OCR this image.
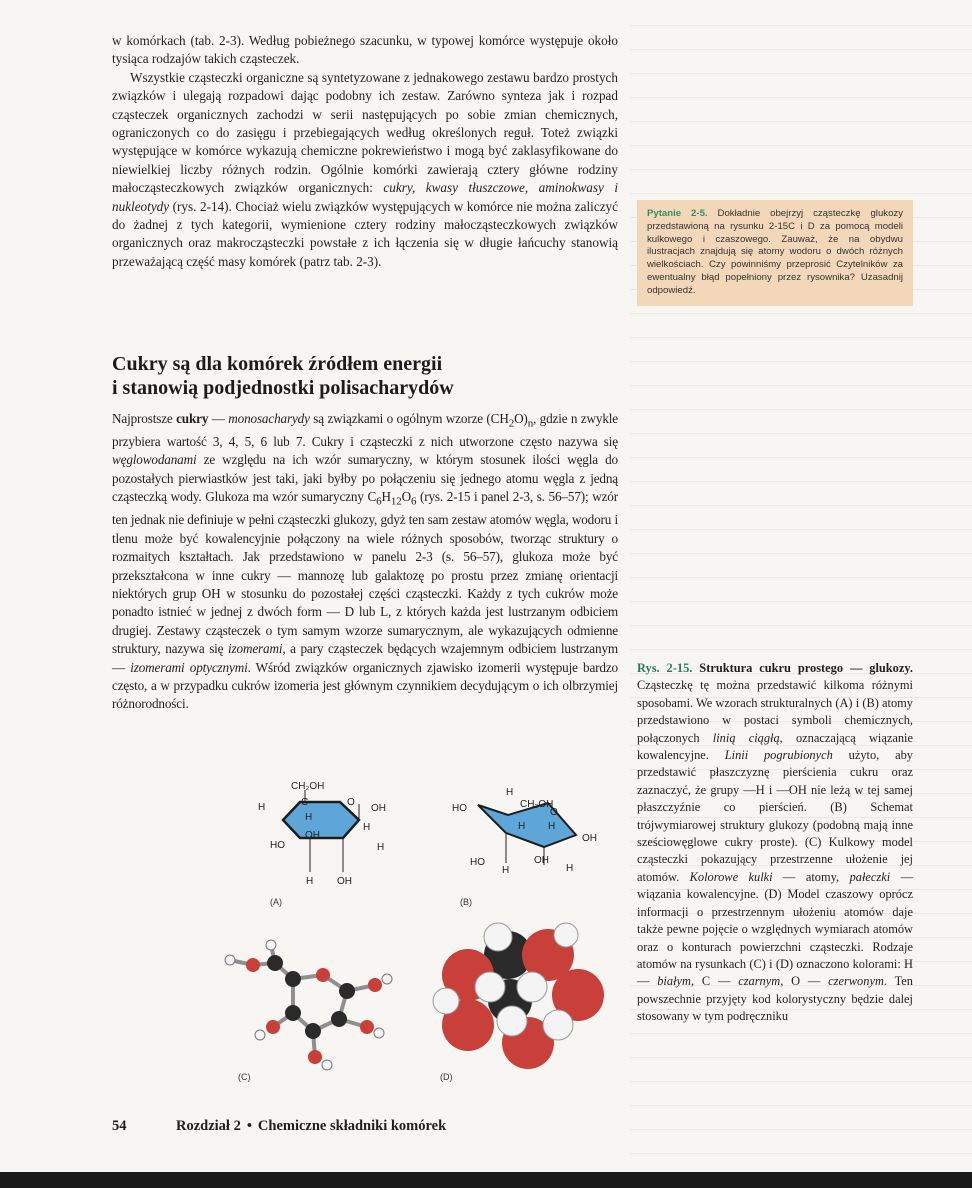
w komórkach (tab. 2-3). Według pobieżnego szacunku, w typowej komórce występuje około tysiąca rodzajów takich cząsteczek.

Wszystkie cząsteczki organiczne są syntetyzowane z jednakowego zestawu bardzo prostych związków i ulegają rozpadowi dając podobny ich zestaw. Zarówno synteza jak i rozpad cząsteczek organicznych zachodzi w serii następujących po sobie zmian chemicznych, ograniczonych co do zasięgu i przebiegających według określonych reguł. Toteż związki występujące w komórce wykazują chemiczne pokrewieństwo i mogą być zaklasyfikowane do niewielkiej liczby różnych rodzin. Ogólnie komórki zawierają cztery główne rodziny małocząsteczkowych związków organicznych: cukry, kwasy tłuszczowe, aminokwasy i nukleotydy (rys. 2-14). Chociaż wielu związków występujących w komórce nie można zaliczyć do żadnej z tych kategorii, wymienione cztery rodziny małocząsteczkowych związków organicznych oraz makrocząsteczki powstałe z ich łączenia się w długie łańcuchy stanowią przeważającą część masy komórek (patrz tab. 2-3).

Cukry są dla komórek źródłem energii
i stanowią podjednostki polisacharydów

Najprostsze cukry — monosacharydy są związkami o ogólnym wzorze $(CH_2O)_n$, gdzie n zwykle przybiera wartość 3, 4, 5, 6 lub 7. Cukry i cząsteczki z nich utworzone często nazywa się węglowodanami ze względu na ich wzór sumaryczny, w którym stosunek ilości węgla do pozostałych pierwiastków jest taki, jaki byłby po połączeniu się jednego atomu węgla z jedną cząsteczką wody. Glukoza ma wzór sumaryczny $C_6H_{12}O_6$ (rys. 2-15 i panel 2-3, s. 56–57); wzór ten jednak nie definiuje w pełni cząsteczki glukozy, gdyż ten sam zestaw atomów węgla, wodoru i tlenu może być kowalencyjnie połączony na wiele różnych sposobów, tworząc struktury o rozmaitych kształtach. Jak przedstawiono w panelu 2-3 (s. 56–57), glukoza może być przekształcona w inne cukry — mannozę lub galaktozę po prostu przez zmianę orientacji niektórych grup OH w stosunku do pozostałej części cząsteczki. Każdy z tych cukrów może ponadto istnieć w jednej z dwóch form — D lub L, z których każda jest lustrzanym odbiciem drugiej. Zestawy cząsteczek o tym samym wzorze sumarycznym, ale wykazujących odmienne struktury, nazywa się izomerami, a pary cząsteczek będących wzajemnym odbiciem lustrzanym — izomerami optycznymi. Wśród związków organicznych zjawisko izomerii występuje bardzo często, a w przypadku cukrów izomeria jest głównym czynnikiem decydującym o ich olbrzymiej różnorodności.

Pytanie 2-5. Dokładnie obejrzyj cząsteczkę glukozy przedstawioną na rysunku 2-15C i D za pomocą modeli kulkowego i czaszowego. Zauważ, że na obydwu ilustracjach znajdują się atomy wodoru o dwóch różnych wielkościach. Czy powinniśmy przeprosić Czytelników za ewentualny błąd popełniony przez rysownika? Uzasadnij odpowiedź.
Rys. 2-15. Struktura cukru prostego — glukozy. Cząsteczkę tę można przedstawić kilkoma różnymi sposobami. We wzorach strukturalnych (A) i (B) atomy przedstawiono w postaci symboli chemicznych, połączonych linią ciągłą, oznaczającą wiązanie kowalencyjne. Linii pogrubionych użyto, aby przedstawić płaszczyznę pierścienia cukru oraz zaznaczyć, że grupy —H i —OH nie leżą w tej samej płaszczyźnie co pierścień. (B) Schemat trójwymiarowej struktury glukozy (podobną mają inne sześciowęglowe cukry proste). (C) Kulkowy model cząsteczki pokazujący przestrzenne ułożenie jej atomów. Kolorowe kulki — atomy, pałeczki — wiązania kowalencyjne. (D) Model czaszowy oprócz informacji o przestrzennym ułożeniu atomów daje także pewne pojęcie o względnych wymiarach atomów oraz o konturach powierzchni cząsteczki. Rodzaje atomów na rysunkach (C) i (D) oznaczono kolorami: H — białym, C — czarnym, O — czerwonym. Ten powszechnie przyjęty kod kolorystyczny będzie dalej stosowany w tym podręczniku
CH₂OH
C	O
OH
H
H
OH
H
HO	H
H OH
(A)
H
CH₂OH
O
HO
H H
OH
HO
H
OH
H
(B)
(C)	(D)
54	Rozdział 2 • Chemiczne składniki komórek
